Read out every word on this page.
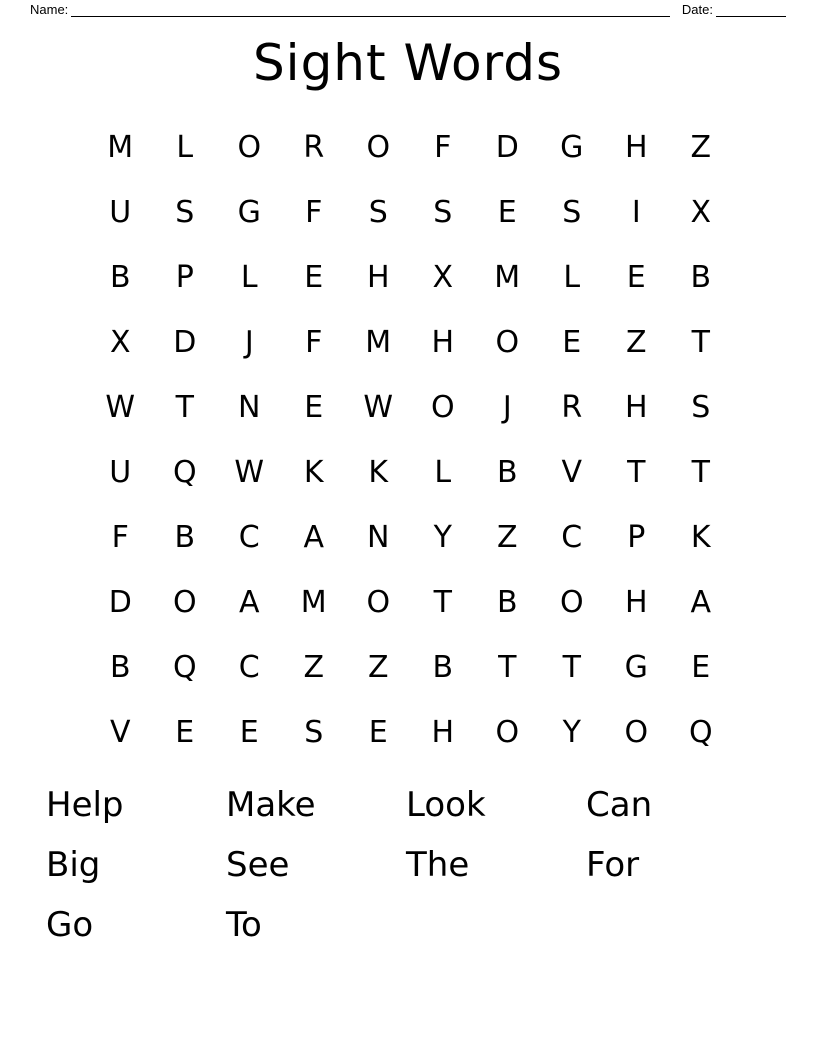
Name:	Date:
Sight Words
M	L	O	R	O	F	D	G	H	Z
U	S	G	F	S	S	E	S	I	X
B	P	L	E	H	X	M	L	E	B
X	D	J	F	M	H	O	E	Z	T
W	T	N	E	W	O	J	R	H	S
U	Q	W	K	K	L	B	V	T	T
F	B	C	A	N	Y	Z	C	P	K
D	O	A	M	O	T	B	O	H	A
B	Q	C	Z	Z	B	T	T	G	E
V	E	E	S	E	H	O	Y	O	Q
Help
Big
Go
Make
See
To
Look
The
Can
For
